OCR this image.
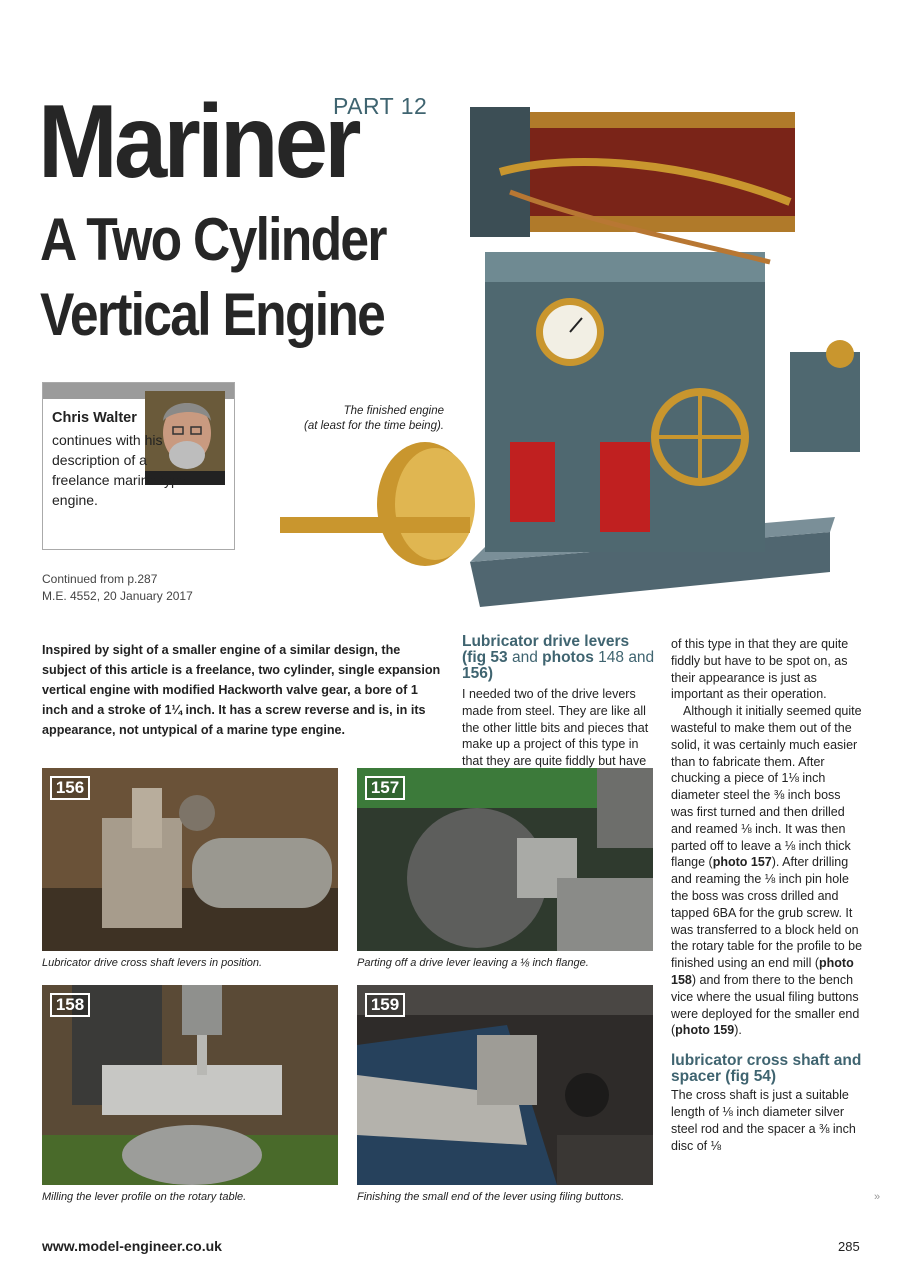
PART 12
Mariner
A Two Cylinder
Vertical Engine
The finished engine
(at least for the time being).
Chris Walter
continues with his description of a freelance marine type engine.
Continued from p.287
M.E. 4552, 20 January 2017
Inspired by sight of a smaller engine of a similar design, the subject of this article is a freelance, two cylinder, single expansion vertical engine with modified Hackworth valve gear, a bore of 1 inch and a stroke of 1¼ inch. It has a screw reverse and is, in its appearance, not untypical of a marine type engine.
Lubricator drive levers (fig 53 and photos 148 and 156)
I needed two of the drive levers made from steel. They are like all the other little bits and pieces that make up a project of this type in that they are quite fiddly but have
of this type in that they are quite fiddly but have to be spot on, as their appearance is just as important as their operation.
Although it initially seemed quite wasteful to make them out of the solid, it was certainly much easier than to fabricate them. After chucking a piece of 1⅛ inch diameter steel the ⅜ inch boss was first turned and then drilled and reamed ⅛ inch. It was then parted off to leave a ⅛ inch thick flange (photo 157). After drilling and reaming the ⅛ inch pin hole the boss was cross drilled and tapped 6BA for the grub screw. It was transferred to a block held on the rotary table for the profile to be finished using an end mill (photo 158) and from there to the bench vice where the usual filing buttons were deployed for the smaller end (photo 159).
lubricator cross shaft and spacer (fig 54)
The cross shaft is just a suitable length of ⅛ inch diameter silver steel rod and the spacer a ⅜ inch disc of ⅛
156
Lubricator drive cross shaft levers in position.
157
Parting off a drive lever leaving a ⅛ inch flange.
158
Milling the lever profile on the rotary table.
159
Finishing the small end of the lever using filing buttons.	»
www.model-engineer.co.uk	285
